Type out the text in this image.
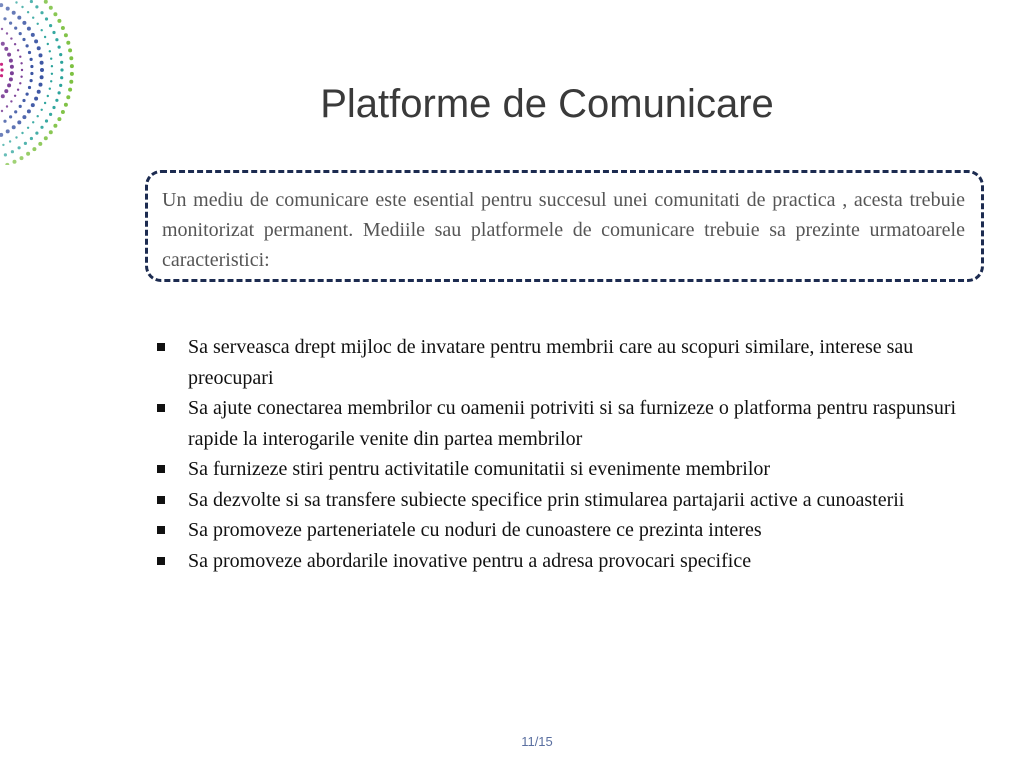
Platforme de Comunicare

Un mediu de comunicare este esential pentru succesul unei comunitati de practica , acesta trebuie monitorizat permanent. Mediile sau platformele de comunicare trebuie sa prezinte urmatoarele caracteristici:

Sa serveasca drept mijloc de invatare pentru membrii care au scopuri similare, interese sau preocupari
Sa ajute conectarea membrilor cu oamenii potriviti si sa furnizeze o platforma pentru raspunsuri rapide la interogarile venite din partea membrilor
Sa furnizeze stiri pentru activitatile comunitatii si evenimente membrilor
Sa dezvolte si sa transfere subiecte specifice prin stimularea partajarii active a cunoasterii
Sa promoveze parteneriatele cu noduri de cunoastere ce prezinta interes
Sa promoveze abordarile inovative pentru a adresa provocari specifice
11/15
